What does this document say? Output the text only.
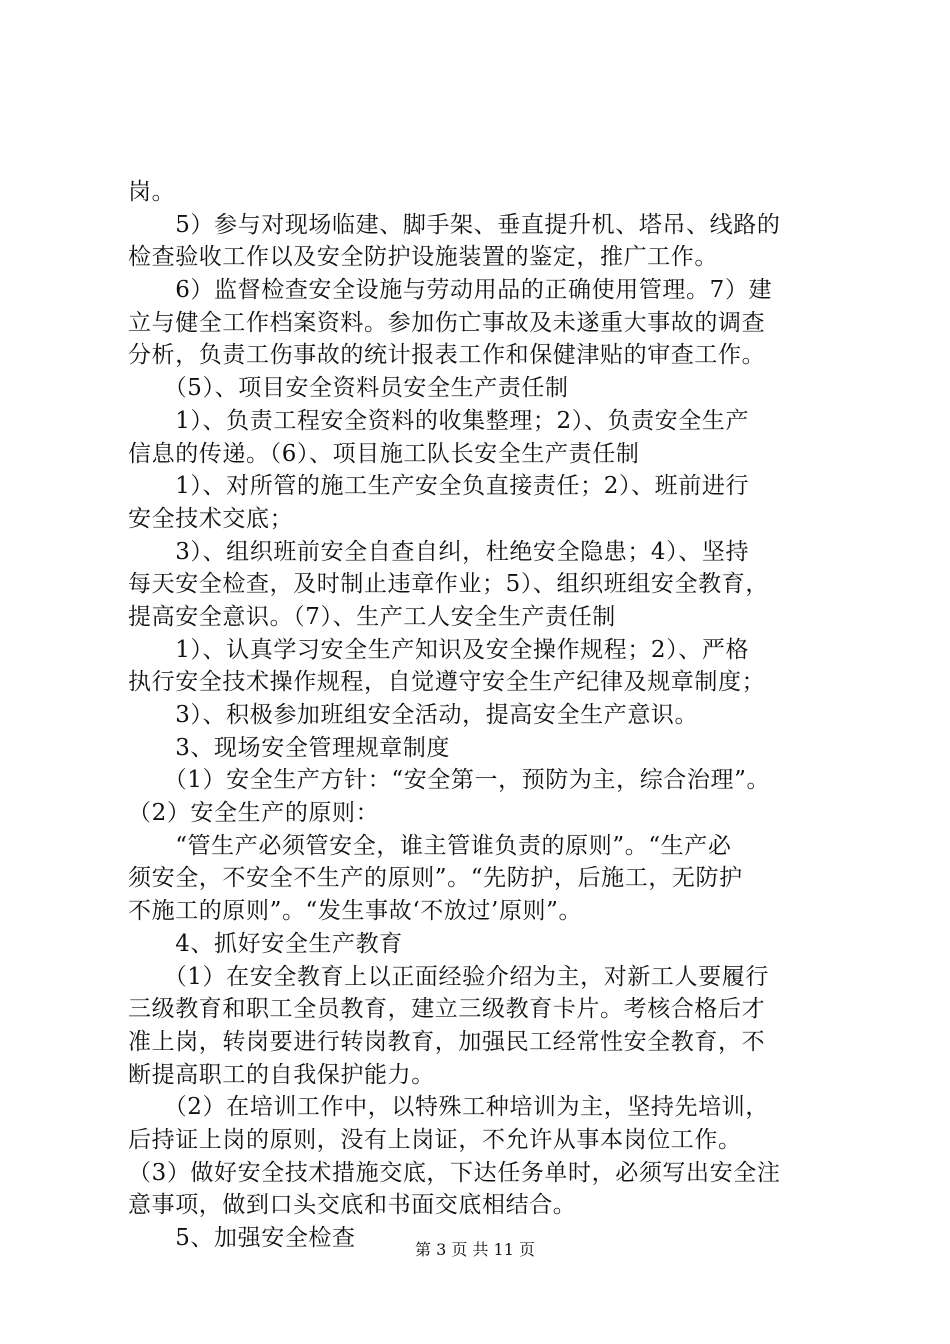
岗。
　　5）参与对现场临建、脚手架、垂直提升机、塔吊、线路的
检查验收工作以及安全防护设施装置的鉴定，推广工作。
　　6）监督检查安全设施与劳动用品的正确使用管理。7）建
立与健全工作档案资料。参加伤亡事故及未遂重大事故的调查
分析，负责工伤事故的统计报表工作和保健津贴的审查工作。
　　（5）、项目安全资料员安全生产责任制
　　1）、负责工程安全资料的收集整理；2）、负责安全生产
信息的传递。（6）、项目施工队长安全生产责任制
　　1）、对所管的施工生产安全负直接责任；2）、班前进行
安全技术交底；
　　3）、组织班前安全自查自纠，杜绝安全隐患；4）、坚持
每天安全检查，及时制止违章作业；5）、组织班组安全教育，
提高安全意识。（7）、生产工人安全生产责任制
　　1）、认真学习安全生产知识及安全操作规程；2）、严格
执行安全技术操作规程，自觉遵守安全生产纪律及规章制度；
　　3）、积极参加班组安全活动，提高安全生产意识。
　　3、现场安全管理规章制度
　　（1）安全生产方针：“安全第一，预防为主，综合治理”。
（2）安全生产的原则：
　　“管生产必须管安全，谁主管谁负责的原则”。“生产必
须安全，不安全不生产的原则”。“先防护，后施工，无防护
不施工的原则”。“发生事故‘不放过’原则”。
　　4、抓好安全生产教育
　　（1）在安全教育上以正面经验介绍为主，对新工人要履行
三级教育和职工全员教育，建立三级教育卡片。考核合格后才
准上岗，转岗要进行转岗教育，加强民工经常性安全教育，不
断提高职工的自我保护能力。
　　（2）在培训工作中，以特殊工种培训为主，坚持先培训，
后持证上岗的原则，没有上岗证，不允许从事本岗位工作。
（3）做好安全技术措施交底，下达任务单时，必须写出安全注
意事项，做到口头交底和书面交底相结合。
　　5、加强安全检查	第 3 页 共 11 页
